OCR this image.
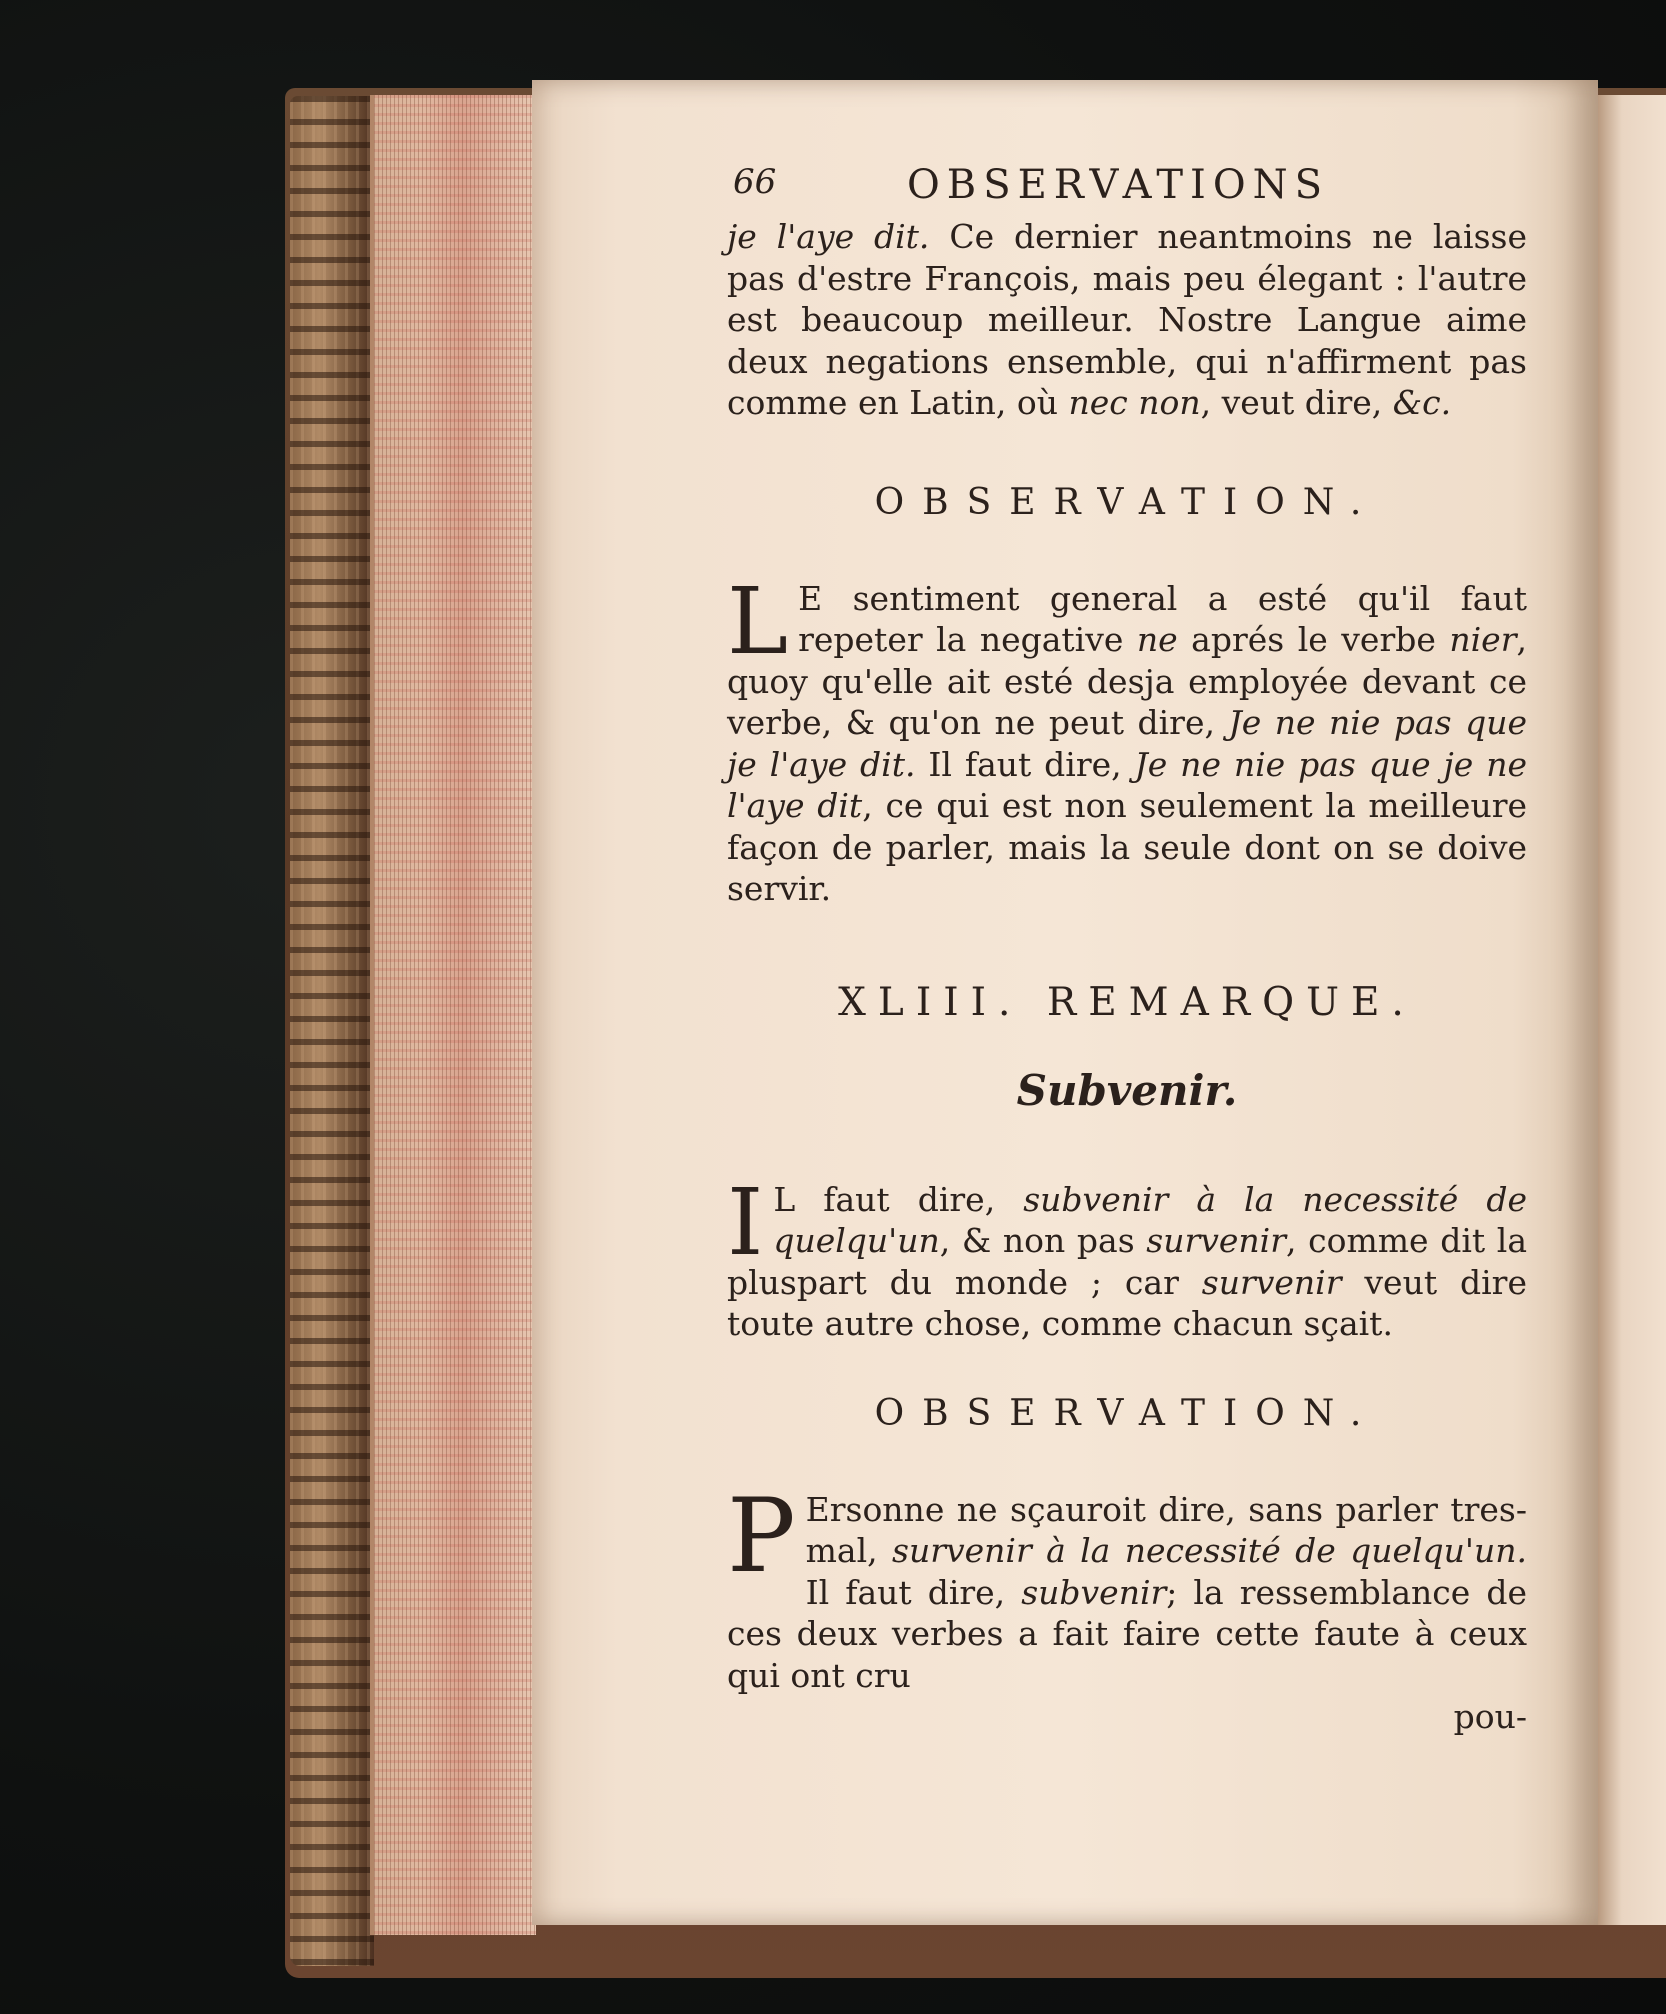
66	OBSERVATIONS

je l'aye dit. Ce dernier neantmoins ne laisse pas d'estre François, mais peu élegant : l'autre est beaucoup meilleur. Nostre Langue aime deux negations ensemble, qui n'affirment pas comme en Latin, où nec non, veut dire, &c.

OBSERVATION.

L E sentiment general a esté qu'il faut repeter la negative ne aprés le verbe nier, quoy qu'elle ait esté desja employée devant ce verbe, & qu'on ne peut dire, Je ne nie pas que je l'aye dit. Il faut dire, Je ne nie pas que je ne l'aye dit, ce qui est non seulement la meilleure façon de parler, mais la seule dont on se doive servir.

XLIII. REMARQUE.
Subvenir.

I L faut dire, subvenir à la necessité de quelqu'un, & non pas survenir, comme dit la pluspart du monde ; car survenir veut dire toute autre chose, comme chacun sçait.

OBSERVATION.

P Ersonne ne sçauroit dire, sans parler tres-mal, survenir à la necessité de quelqu'un. Il faut dire, subvenir; la ressemblance de ces deux verbes a fait faire cette faute à ceux qui ont cru

pou-
